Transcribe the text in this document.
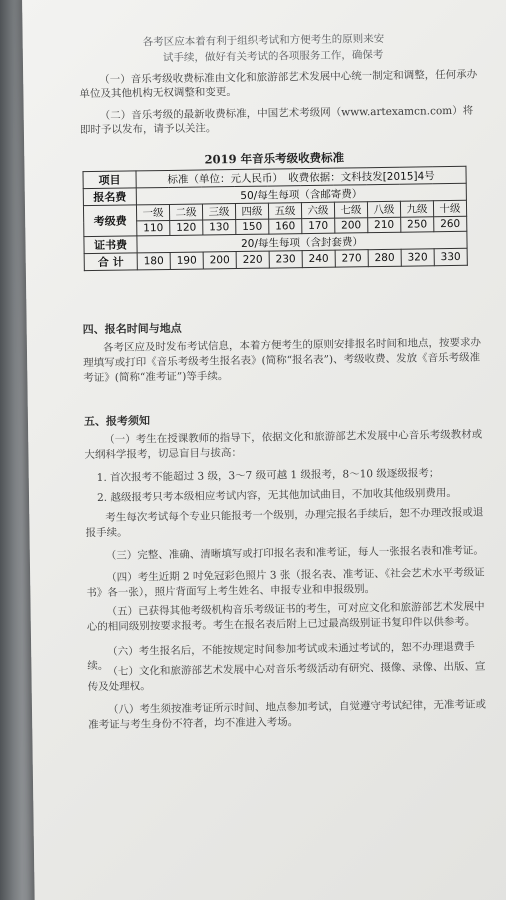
各考区应本着有利于组织考试和方便考生的原则来安
试手续，做好有关考试的各项服务工作，确保考
（一）音乐考级收费标准由文化和旅游部艺术发展中心统一制定和调整，任何承办单位及其他机构无权调整和变更。
（二）音乐考级的最新收费标准，中国艺术考级网（www.artexamcn.com）将即时予以发布，请予以关注。
2019 年音乐考级收费标准
项目	标准（单位：元人民币）　收费依据：文科技发[2015]4号									
报名费	50/每生每项（含邮寄费）									
考级费	一级	二级	三级	四级	五级	六级	七级	八级	九级	十级
	110	120	130	150	160	170	200	210	250	260
证书费	20/每生每项（含封套费）									
合 计	180	190	200	220	230	240	270	280	320	330
四、报名时间与地点
各考区应及时发布考试信息，本着方便考生的原则安排报名时间和地点，按要求办理填写或打印《音乐考级考生报名表》(简称“报名表”)、考级收费、发放《音乐考级准考证》(简称“准考证”)等手续。
五、报考须知
（一）考生在授课教师的指导下，依据文化和旅游部艺术发展中心音乐考级教材或大纲科学报考，切忌盲目与拔高：
1. 首次报考不能超过 3 级，3～7 级可越 1 级报考，8～10 级逐级报考；
2. 越级报考只考本级相应考试内容，无其他加试曲目，不加收其他级别费用。
考生每次考试每个专业只能报考一个级别，办理完报名手续后，恕不办理改报或退报手续。
（三）完整、准确、清晰填写或打印报名表和准考证，每人一张报名表和准考证。
（四）考生近期 2 吋免冠彩色照片 3 张（报名表、准考证、《社会艺术水平考级证书》各一张），照片背面写上考生姓名、申报专业和申报级别。
（五）已获得其他考级机构音乐考级证书的考生，可对应文化和旅游部艺术发展中心的相同级别按要求报考。考生在报名表后附上已过最高级别证书复印件以供参考。
（六）考生报名后，不能按规定时间参加考试或未通过考试的，恕不办理退费手续。
（七）文化和旅游部艺术发展中心对音乐考级活动有研究、摄像、录像、出版、宣传及处理权。
（八）考生须按准考证所示时间、地点参加考试，自觉遵守考试纪律，无准考证或准考证与考生身份不符者，均不准进入考场。
